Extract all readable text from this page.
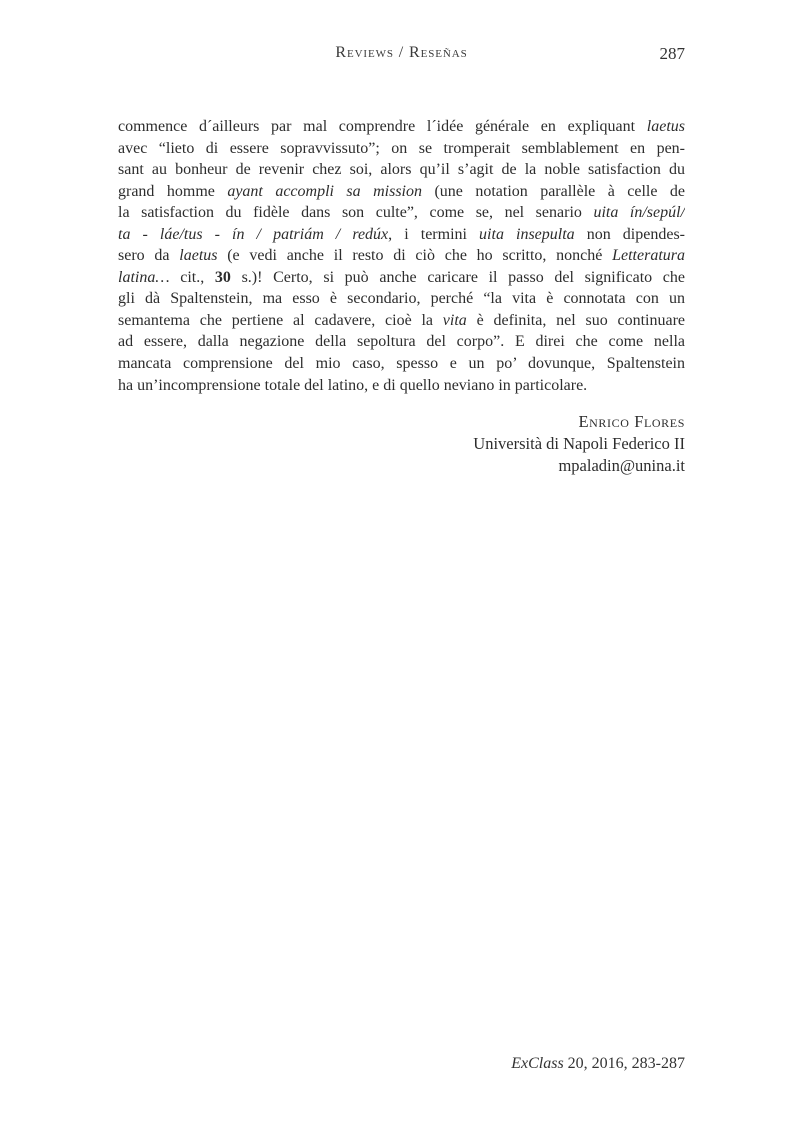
Reviews / Reseñas	287
commence d´ailleurs par mal comprendre l´idée générale en expliquant laetus
avec “lieto di essere sopravvissuto”; on se tromperait semblablement en pen-
sant au bonheur de revenir chez soi, alors qu’il s’agit de la noble satisfaction du
grand homme ayant accompli sa mission (une notation parallèle à celle de
la satisfaction du fidèle dans son culte”, come se, nel senario uita ín/sepúl/
ta - láe/tus - ín / patriám / redúx, i termini uita insepulta non dipendes-
sero da laetus (e vedi anche il resto di ciò che ho scritto, nonché Letteratura
latina… cit., 30 s.)! Certo, si può anche caricare il passo del significato che
gli dà Spaltenstein, ma esso è secondario, perché “la vita è connotata con un
semantema che pertiene al cadavere, cioè la vita è definita, nel suo continuare
ad essere, dalla negazione della sepoltura del corpo”. E direi che come nella
mancata comprensione del mio caso, spesso e un po’ dovunque, Spaltenstein
ha un’incomprensione totale del latino, e di quello neviano in particolare.
Enrico Flores
Università di Napoli Federico II
mpaladin@unina.it
ExClass 20, 2016, 283-287
